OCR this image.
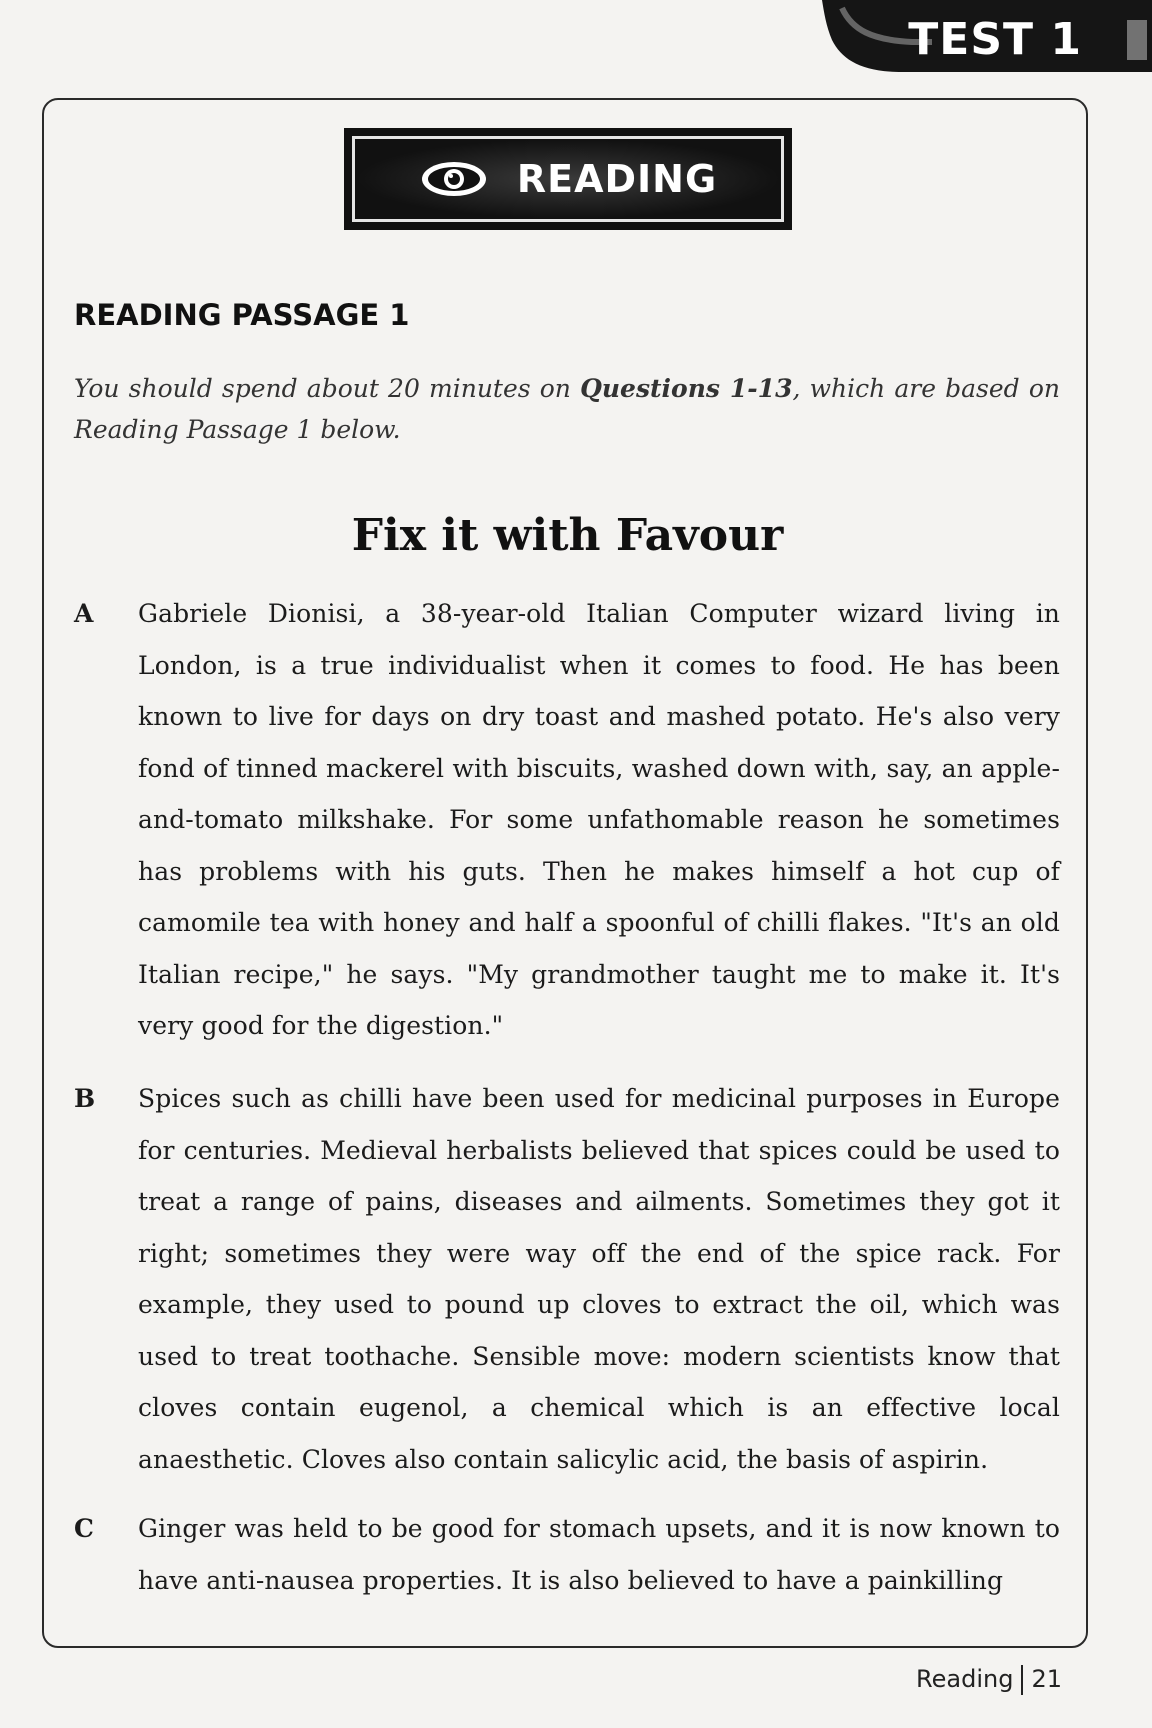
TEST 1
READING
READING PASSAGE 1
You should spend about 20 minutes on Questions 1-13, which are based on Reading Passage 1 below.
Fix it with Favour
A Gabriele Dionisi, a 38-year-old Italian Computer wizard living in London, is a true individualist when it comes to food. He has been known to live for days on dry toast and mashed potato. He's also very fond of tinned mackerel with biscuits, washed down with, say, an apple-and-tomato milkshake. For some unfathomable reason he sometimes has problems with his guts. Then he makes himself a hot cup of camomile tea with honey and half a spoonful of chilli flakes. "It's an old Italian recipe," he says. "My grandmother taught me to make it. It's very good for the digestion."
B Spices such as chilli have been used for medicinal purposes in Europe for centuries. Medieval herbalists believed that spices could be used to treat a range of pains, diseases and ailments. Sometimes they got it right; sometimes they were way off the end of the spice rack. For example, they used to pound up cloves to extract the oil, which was used to treat toothache. Sensible move: modern scientists know that cloves contain eugenol, a chemical which is an effective local anaesthetic. Cloves also contain salicylic acid, the basis of aspirin.
C Ginger was held to be good for stomach upsets, and it is now known to have anti-nausea properties. It is also believed to have a painkilling
Reading 21
